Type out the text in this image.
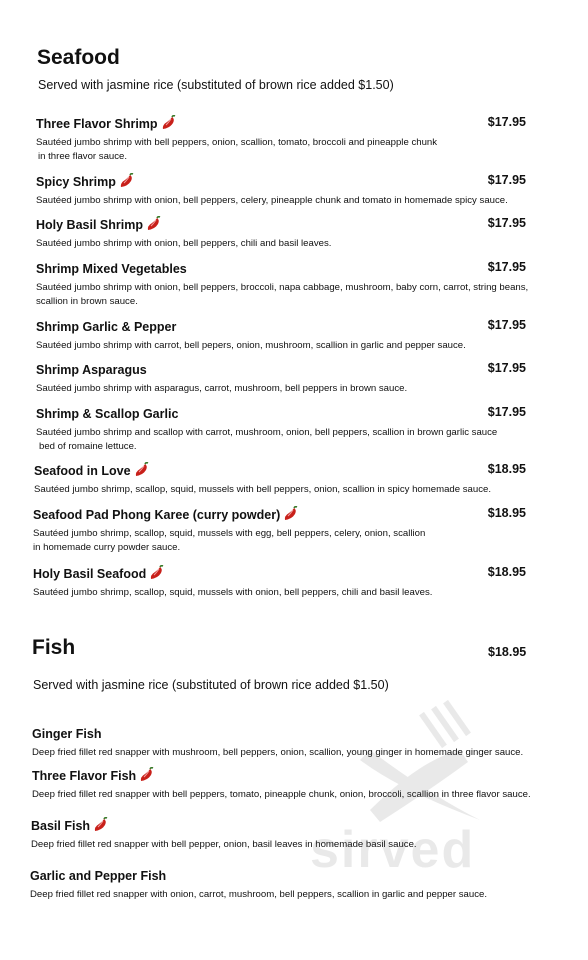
Seafood
Served with jasmine rice (substituted of brown rice added $1.50)
Three Flavor Shrimp	$17.95
Sautéed jumbo shrimp with bell peppers, onion, scallion, tomato, broccoli and pineapple chunk
in three flavor sauce.
Spicy Shrimp	$17.95
Sautéed jumbo shrimp with onion, bell peppers, celery, pineapple chunk and tomato in homemade spicy sauce.
Holy Basil Shrimp	$17.95
Sautéed jumbo shrimp with onion, bell peppers, chili and basil leaves.
Shrimp Mixed Vegetables	$17.95
Sautéed jumbo shrimp with onion, bell peppers, broccoli, napa cabbage, mushroom, baby corn, carrot, string beans,
scallion in brown sauce.
Shrimp Garlic & Pepper	$17.95
Sautéed jumbo shrimp with carrot, bell pepers, onion, mushroom, scallion in garlic and pepper sauce.
Shrimp Asparagus	$17.95
Sautéed jumbo shrimp with asparagus, carrot, mushroom, bell peppers in brown sauce.
Shrimp & Scallop Garlic	$17.95
Sautéed jumbo shrimp and scallop with carrot, mushroom, onion, bell peppers, scallion in brown garlic sauce
bed of romaine lettuce.
Seafood in Love	$18.95
Sautéed jumbo shrimp, scallop, squid, mussels with bell peppers, onion, scallion in spicy homemade sauce.
Seafood Pad Phong Karee (curry powder)	$18.95
Sautéed jumbo shrimp, scallop, squid, mussels with egg, bell peppers, celery, onion, scallion
in homemade curry powder sauce.
Holy Basil Seafood	$18.95
Sautéed jumbo shrimp, scallop, squid, mussels with onion, bell peppers, chili and basil leaves.
Fish	$18.95
Served with jasmine rice (substituted of brown rice added $1.50)
Ginger Fish
Deep fried fillet red snapper with mushroom, bell peppers, onion, scallion, young ginger in homemade ginger sauce.
Three Flavor Fish
Deep fried fillet red snapper with bell peppers, tomato, pineapple chunk, onion, broccoli, scallion in three flavor sauce.
Basil Fish
Deep fried fillet red snapper with bell pepper, onion, basil leaves in homemade basil sauce.
Garlic and Pepper Fish
Deep fried fillet red snapper with onion, carrot, mushroom, bell peppers, scallion in garlic and pepper sauce.
sirved
